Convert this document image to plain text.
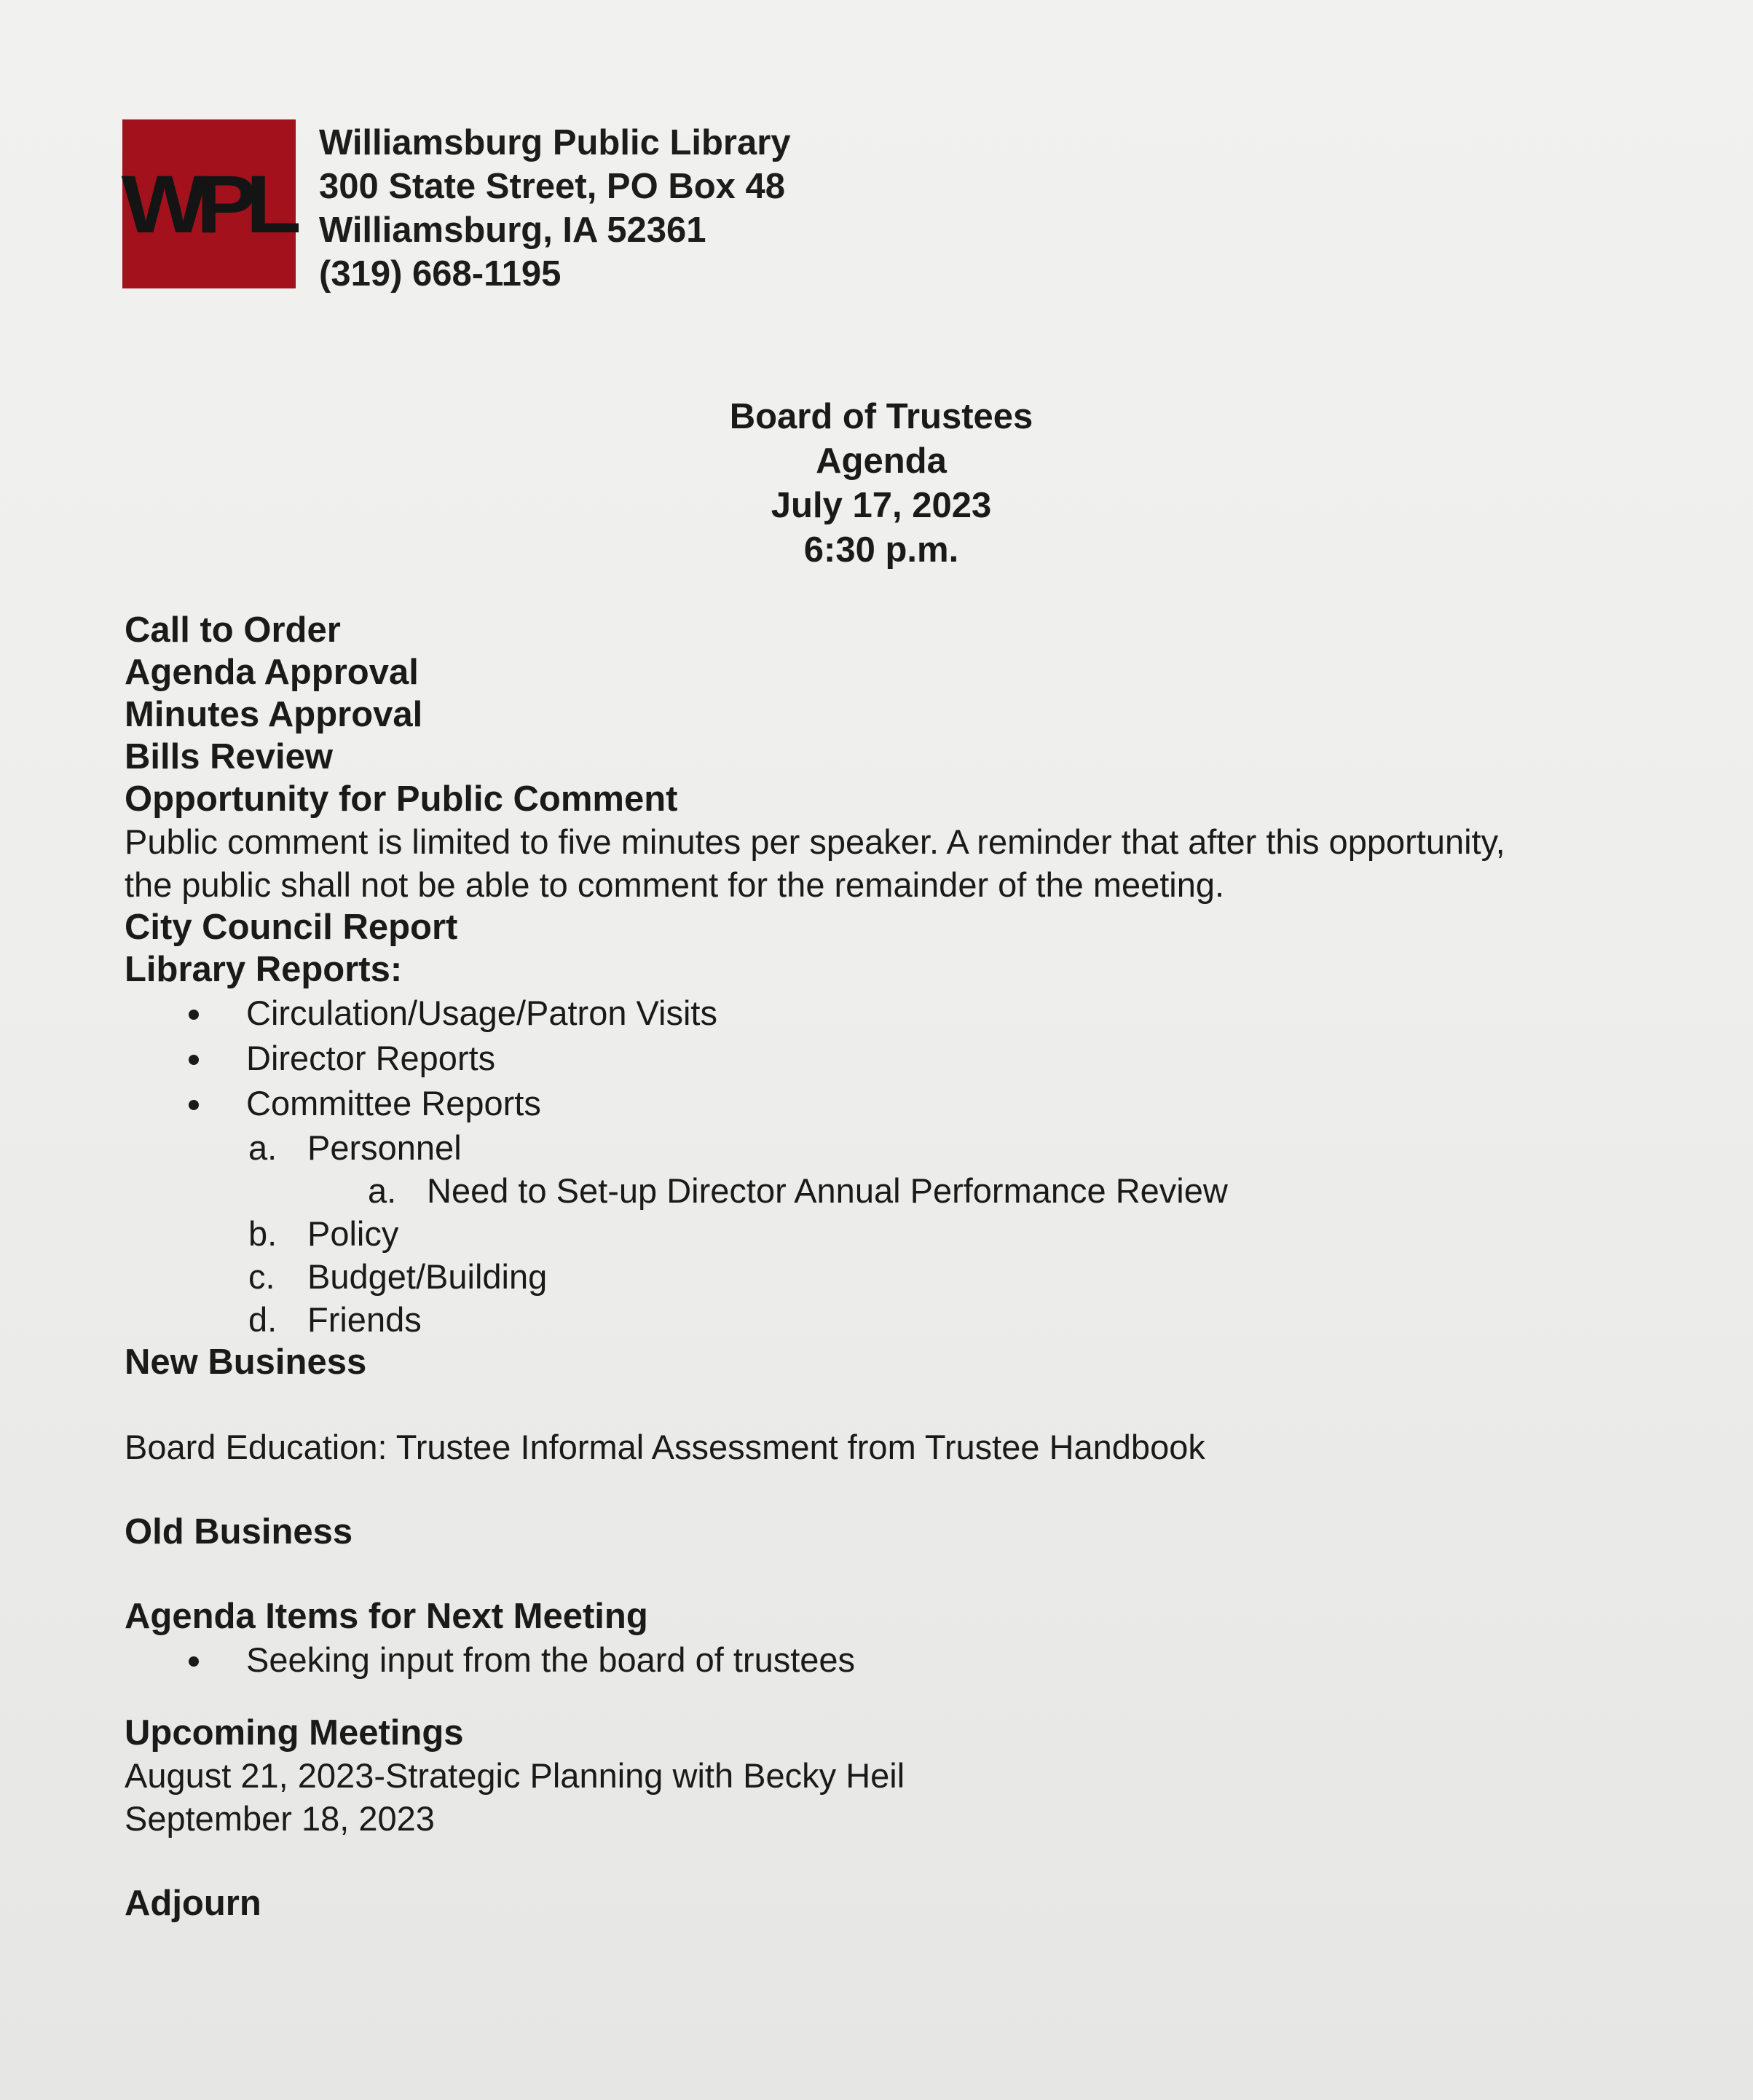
WPL
Williamsburg Public Library
300 State Street, PO Box 48
Williamsburg, IA 52361
(319) 668-1195
Board of Trustees
Agenda
July 17, 2023
6:30 p.m.
Call to Order
Agenda Approval
Minutes Approval
Bills Review
Opportunity for Public Comment
Public comment is limited to five minutes per speaker. A reminder that after this opportunity,
the public shall not be able to comment for the remainder of the meeting.
City Council Report
Library Reports:
Circulation/Usage/Patron Visits
Director Reports
Committee Reports
a. Personnel
a. Need to Set-up Director Annual Performance Review
b. Policy
c. Budget/Building
d. Friends
New Business
Board Education: Trustee Informal Assessment from Trustee Handbook
Old Business
Agenda Items for Next Meeting
Seeking input from the board of trustees
Upcoming Meetings
August 21, 2023-Strategic Planning with Becky Heil
September 18, 2023
Adjourn
